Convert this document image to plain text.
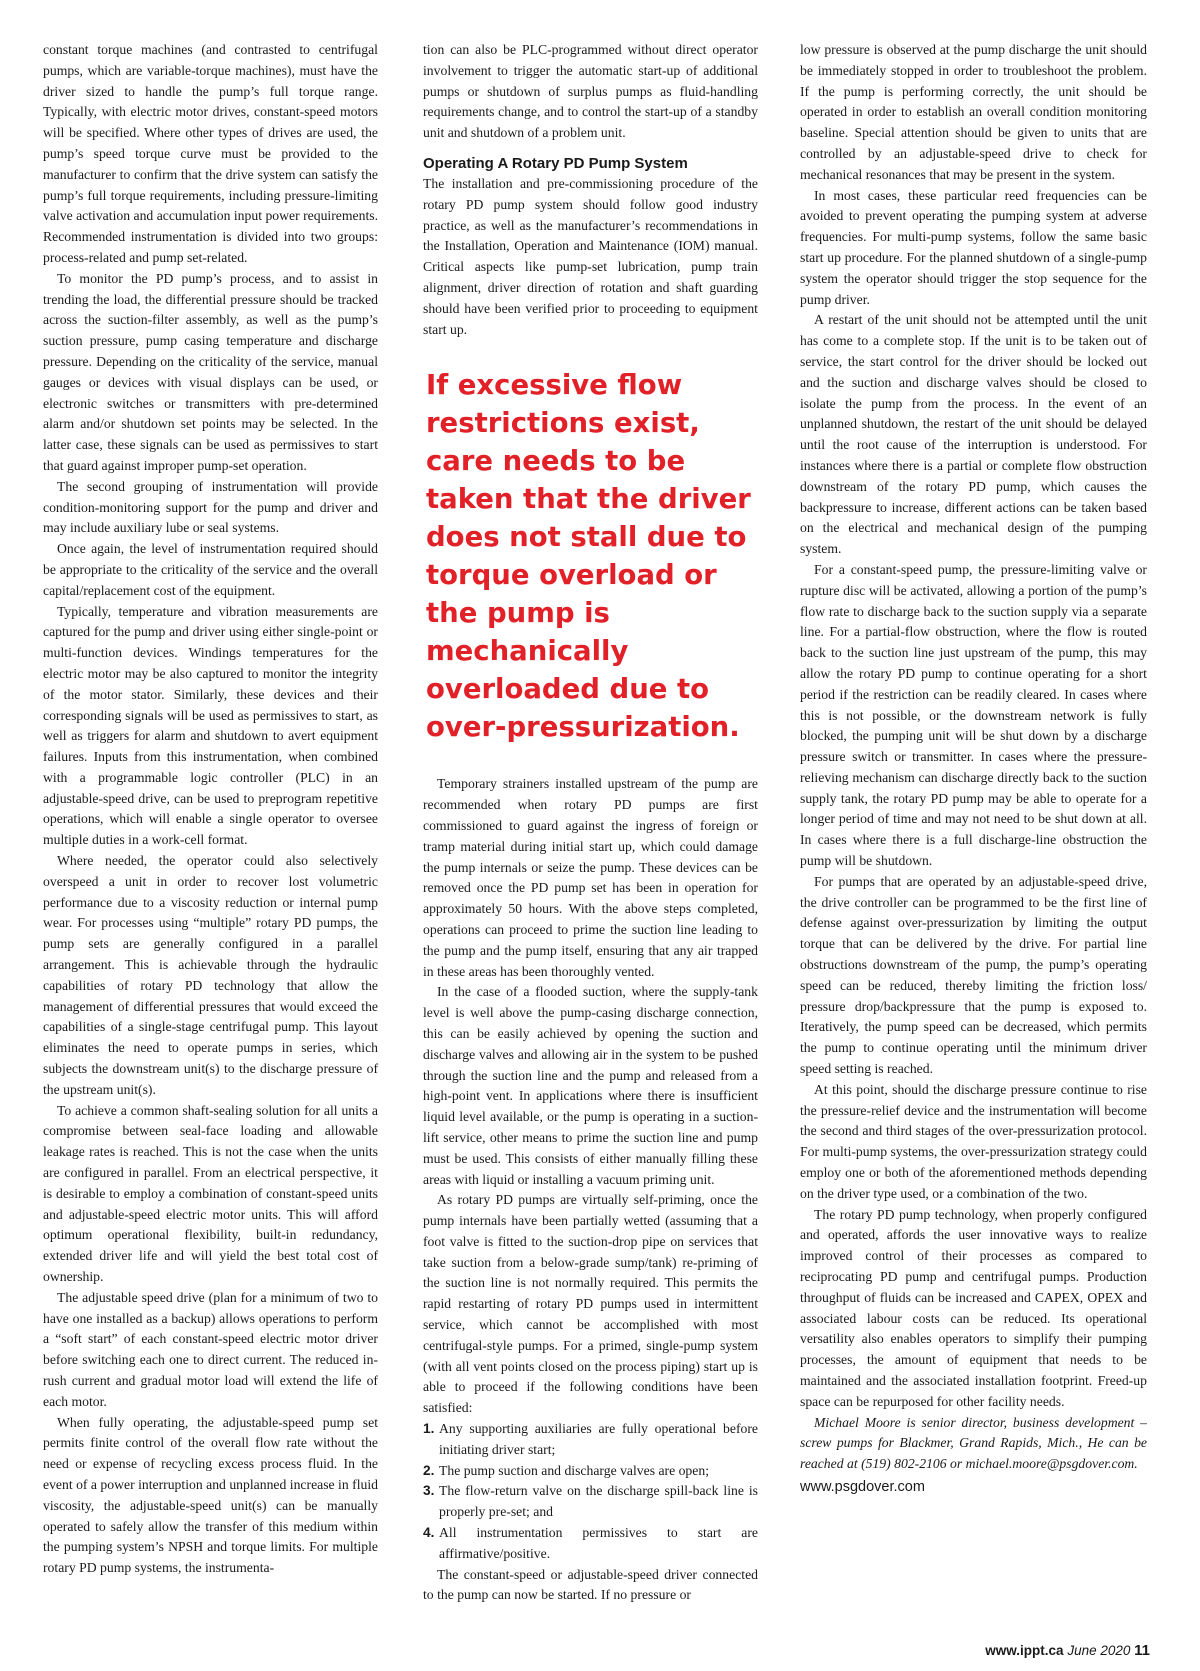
constant torque machines (and contrasted to centrifugal pumps, which are variable-torque machines), must have the driver sized to handle the pump’s full torque range. Typically, with electric motor drives, constant-speed motors will be specified. Where other types of drives are used, the pump’s speed torque curve must be provided to the manufacturer to confirm that the drive system can satisfy the pump’s full torque requirements, including pressure-limiting valve activation and accumulation input power requirements. Recommended instrumentation is divided into two groups: process-related and pump set-related.

To monitor the PD pump’s process, and to assist in trending the load, the differential pressure should be tracked across the suction-filter assembly, as well as the pump’s suction pressure, pump casing temperature and discharge pressure. Depending on the criticality of the service, manual gauges or devices with visual displays can be used, or electronic switches or transmitters with pre-determined alarm and/or shutdown set points may be selected. In the latter case, these signals can be used as permissives to start that guard against improper pump-set operation.

The second grouping of instrumentation will provide condition-monitoring support for the pump and driver and may include auxiliary lube or seal systems.

Once again, the level of instrumentation required should be appropriate to the criticality of the service and the overall capital/replacement cost of the equipment.

Typically, temperature and vibration measurements are captured for the pump and driver using either single-point or multi-function devices. Windings temperatures for the electric motor may be also captured to monitor the integrity of the motor stator. Similarly, these devices and their corresponding signals will be used as permissives to start, as well as triggers for alarm and shutdown to avert equipment failures. Inputs from this instrumentation, when combined with a programmable logic controller (PLC) in an adjustable-speed drive, can be used to preprogram repetitive operations, which will enable a single operator to oversee multiple duties in a work-cell format.

Where needed, the operator could also selectively overspeed a unit in order to recover lost volumetric performance due to a viscosity reduction or internal pump wear. For processes using “multiple” rotary PD pumps, the pump sets are generally configured in a parallel arrangement. This is achievable through the hydraulic capabilities of rotary PD technology that allow the management of differential pressures that would exceed the capabilities of a single-stage centrifugal pump. This layout eliminates the need to operate pumps in series, which subjects the downstream unit(s) to the discharge pressure of the upstream unit(s).

To achieve a common shaft-sealing solution for all units a compromise between seal-face loading and allowable leakage rates is reached. This is not the case when the units are configured in parallel. From an electrical perspective, it is desirable to employ a combination of constant-speed units and adjustable-speed electric motor units. This will afford optimum operational flexibility, built-in redundancy, extended driver life and will yield the best total cost of ownership.

The adjustable speed drive (plan for a minimum of two to have one installed as a backup) allows operations to perform a “soft start” of each constant-speed electric motor driver before switching each one to direct current. The reduced in-rush current and gradual motor load will extend the life of each motor.

When fully operating, the adjustable-speed pump set permits finite control of the overall flow rate without the need or expense of recycling excess process fluid. In the event of a power interruption and unplanned increase in fluid viscosity, the adjustable-speed unit(s) can be manually operated to safely allow the transfer of this medium within the pumping system’s NPSH and torque limits. For multiple rotary PD pump systems, the instrumenta-

tion can also be PLC-programmed without direct operator involvement to trigger the automatic start-up of additional pumps or shutdown of surplus pumps as fluid-handling requirements change, and to control the start-up of a standby unit and shutdown of a problem unit.

Operating A Rotary PD Pump System

The installation and pre-commissioning procedure of the rotary PD pump system should follow good industry practice, as well as the manufacturer’s recommendations in the Installation, Operation and Maintenance (IOM) manual. Critical aspects like pump-set lubrication, pump train alignment, driver direction of rotation and shaft guarding should have been verified prior to proceeding to equipment start up.

If excessive flow restrictions exist, care needs to be taken that the driver does not stall due to torque overload or the pump is mechanically overloaded due to over-pressurization.

Temporary strainers installed upstream of the pump are recommended when rotary PD pumps are first commissioned to guard against the ingress of foreign or tramp material during initial start up, which could damage the pump internals or seize the pump. These devices can be removed once the PD pump set has been in operation for approximately 50 hours. With the above steps completed, operations can proceed to prime the suction line leading to the pump and the pump itself, ensuring that any air trapped in these areas has been thoroughly vented.

In the case of a flooded suction, where the supply-tank level is well above the pump-casing discharge connection, this can be easily achieved by opening the suction and discharge valves and allowing air in the system to be pushed through the suction line and the pump and released from a high-point vent. In applications where there is insufficient liquid level available, or the pump is operating in a suction-lift service, other means to prime the suction line and pump must be used. This consists of either manually filling these areas with liquid or installing a vacuum priming unit.

As rotary PD pumps are virtually self-priming, once the pump internals have been partially wetted (assuming that a foot valve is fitted to the suction-drop pipe on services that take suction from a below-grade sump/tank) re-priming of the suction line is not normally required. This permits the rapid restarting of rotary PD pumps used in intermittent service, which cannot be accomplished with most centrifugal-style pumps. For a primed, single-pump system (with all vent points closed on the process piping) start up is able to proceed if the following conditions have been satisfied:

1. Any supporting auxiliaries are fully operational before initiating driver start;
2. The pump suction and discharge valves are open;
3. The flow-return valve on the discharge spill-back line is properly pre-set; and
4. All instrumentation permissives to start are affirmative/positive.

The constant-speed or adjustable-speed driver connected to the pump can now be started. If no pressure or

low pressure is observed at the pump discharge the unit should be immediately stopped in order to troubleshoot the problem. If the pump is performing correctly, the unit should be operated in order to establish an overall condition monitoring baseline. Special attention should be given to units that are controlled by an adjustable-speed drive to check for mechanical resonances that may be present in the system.

In most cases, these particular reed frequencies can be avoided to prevent operating the pumping system at adverse frequencies. For multi-pump systems, follow the same basic start up procedure. For the planned shutdown of a single-pump system the operator should trigger the stop sequence for the pump driver.

A restart of the unit should not be attempted until the unit has come to a complete stop. If the unit is to be taken out of service, the start control for the driver should be locked out and the suction and discharge valves should be closed to isolate the pump from the process. In the event of an unplanned shutdown, the restart of the unit should be delayed until the root cause of the interruption is understood. For instances where there is a partial or complete flow obstruction downstream of the rotary PD pump, which causes the backpressure to increase, different actions can be taken based on the electrical and mechanical design of the pumping system.

For a constant-speed pump, the pressure-limiting valve or rupture disc will be activated, allowing a portion of the pump’s flow rate to discharge back to the suction supply via a separate line. For a partial-flow obstruction, where the flow is routed back to the suction line just upstream of the pump, this may allow the rotary PD pump to continue operating for a short period if the restriction can be readily cleared. In cases where this is not possible, or the downstream network is fully blocked, the pumping unit will be shut down by a discharge pressure switch or transmitter. In cases where the pressure-relieving mechanism can discharge directly back to the suction supply tank, the rotary PD pump may be able to operate for a longer period of time and may not need to be shut down at all. In cases where there is a full discharge-line obstruction the pump will be shutdown.

For pumps that are operated by an adjustable-speed drive, the drive controller can be programmed to be the first line of defense against over-pressurization by limiting the output torque that can be delivered by the drive. For partial line obstructions downstream of the pump, the pump’s operating speed can be reduced, thereby limiting the friction loss/ pressure drop/backpressure that the pump is exposed to. Iteratively, the pump speed can be decreased, which permits the pump to continue operating until the minimum driver speed setting is reached.

At this point, should the discharge pressure continue to rise the pressure-relief device and the instrumentation will become the second and third stages of the over-pressurization protocol. For multi-pump systems, the over-pressurization strategy could employ one or both of the aforementioned methods depending on the driver type used, or a combination of the two.

The rotary PD pump technology, when properly configured and operated, affords the user innovative ways to realize improved control of their processes as compared to reciprocating PD pump and centrifugal pumps. Production throughput of fluids can be increased and CAPEX, OPEX and associated labour costs can be reduced. Its operational versatility also enables operators to simplify their pumping processes, the amount of equipment that needs to be maintained and the associated installation footprint. Freed-up space can be repurposed for other facility needs.

Michael Moore is senior director, business development – screw pumps for Blackmer, Grand Rapids, Mich., He can be reached at (519) 802-2106 or michael.moore@psgdover.com.

www.psgdover.com
www.ippt.ca June 2020 11
